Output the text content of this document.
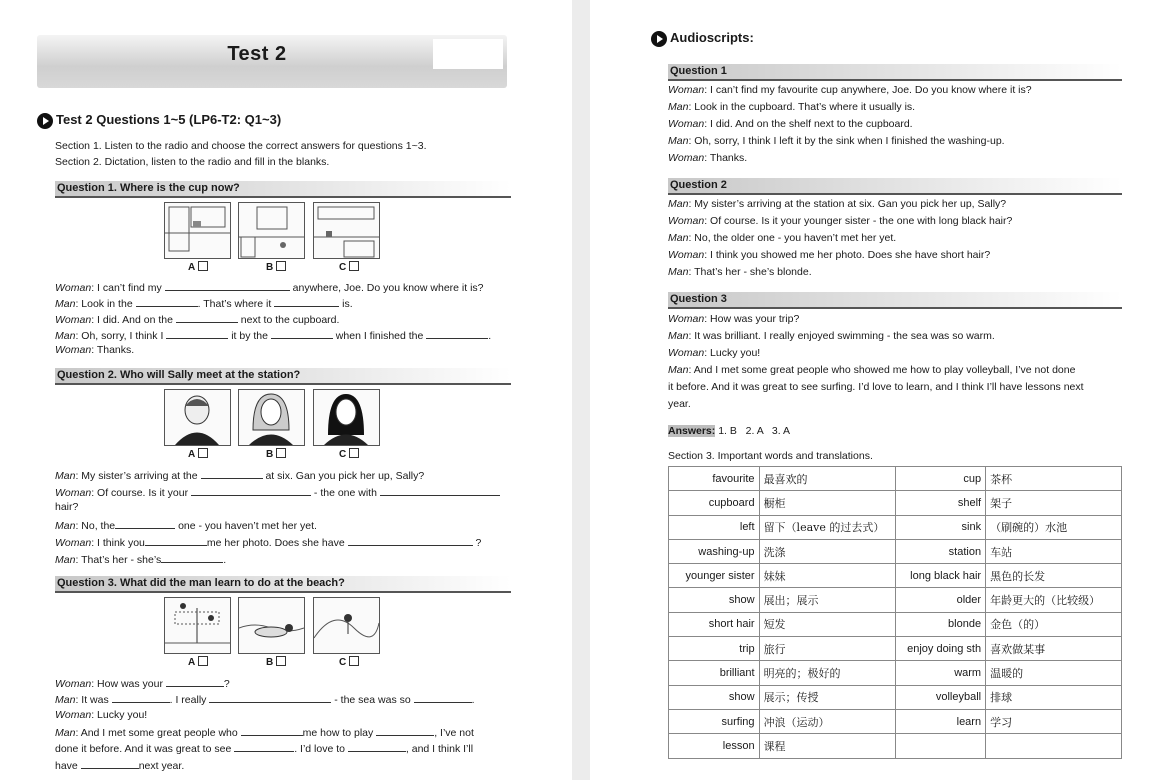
Test 2
Test 2 Questions 1~5 (LP6-T2: Q1~3)
Section 1. Listen to the radio and choose the correct answers for questions 1~3.
Section 2. Dictation, listen to the radio and fill in the blanks.
Question 1. Where is the cup now?
A	B	C
Woman: I can’t find my	anywhere, Joe. Do you know where it is?
Man: Look in the	. That’s where it	is.
Woman: I did. And on the	next to the cupboard.
Man: Oh, sorry, I think I	it by the	when I finished the	.
Woman: Thanks.
Question 2. Who will Sally meet at the station?
A	B	C
Man: My sister’s arriving at the	at six. Gan you pick her up, Sally?
Woman: Of course. Is it your	- the one with
hair?
Man: No, the	one - you haven’t met her yet.
Woman: I think you	me her photo. Does she have	?
Man: That’s her - she’s	.
Question 3. What did the man learn to do at the beach?
A	B	C
Woman: How was your	?
Man: It was	. I really	- the sea was so	.
Woman: Lucky you!
Man: And I met some great people who	me how to play	, I’ve not
done it before. And it was great to see	. I’d love to	, and I think I’ll
have	next year.
Audioscripts:
Question 1
Woman: I can’t find my favourite cup anywhere, Joe. Do you know where it is?
Man: Look in the cupboard. That’s where it usually is.
Woman: I did. And on the shelf next to the cupboard.
Man: Oh, sorry, I think I left it by the sink when I finished the washing-up.
Woman: Thanks.
Question 2
Man: My sister’s arriving at the station at six. Gan you pick her up, Sally?
Woman: Of course. Is it your younger sister - the one with long black hair?
Man: No, the older one - you haven’t met her yet.
Woman: I think you showed me her photo. Does she have short hair?
Man: That’s her - she’s blonde.
Question 3
Woman: How was your trip?
Man: It was brilliant. I really enjoyed swimming - the sea was so warm.
Woman: Lucky you!
Man: And I met some great people who showed me how to play volleyball, I’ve not done
it before. And it was great to see surfing. I’d love to learn, and I think I’ll have lessons next
year.
Answers: 1. B   2. A   3. A
Section 3. Important words and translations.
favourite	最喜欢的	cup	茶杯
cupboard	橱柜	shelf	架子
left	留下（leave 的过去式）	sink	（刷碗的）水池
washing-up	洗涤	station	车站
younger sister	妹妹	long black hair	黑色的长发
show	展出；展示	older	年龄更大的（比较级）
short hair	短发	blonde	金色（的）
trip	旅行	enjoy doing sth	喜欢做某事
brilliant	明亮的；极好的	warm	温暖的
show	展示；传授	volleyball	排球
surfing	冲浪（运动）	learn	学习
lesson	课程		
